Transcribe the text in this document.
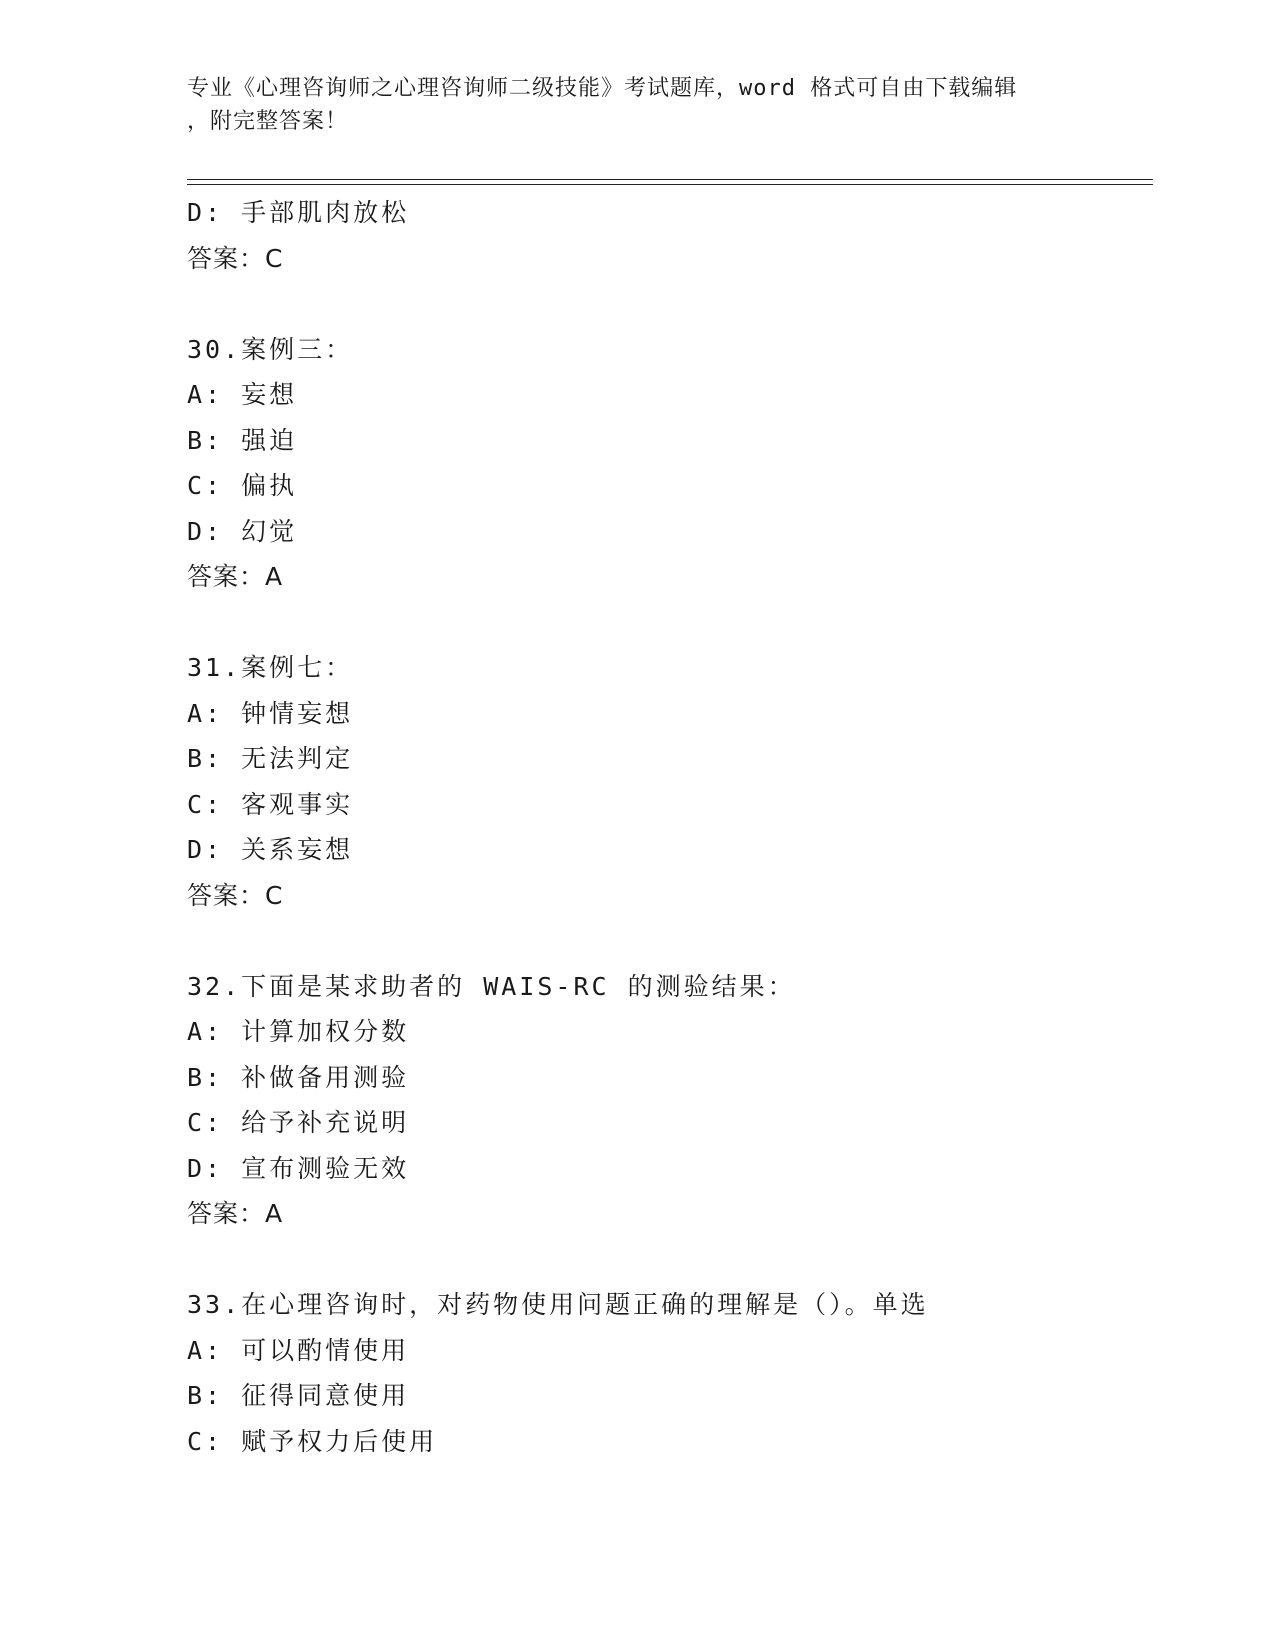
专业《心理咨询师之心理咨询师二级技能》考试题库，word 格式可自由下载编辑
，附完整答案！
D: 手部肌肉放松
答案：C
30.案例三：
A: 妄想
B: 强迫
C: 偏执
D: 幻觉
答案：A
31.案例七：
A: 钟情妄想
B: 无法判定
C: 客观事实
D: 关系妄想
答案：C
32.下面是某求助者的 WAIS-RC 的测验结果：
A: 计算加权分数
B: 补做备用测验
C: 给予补充说明
D: 宣布测验无效
答案：A
33.在心理咨询时，对药物使用问题正确的理解是（）。单选
A: 可以酌情使用
B: 征得同意使用
C: 赋予权力后使用
